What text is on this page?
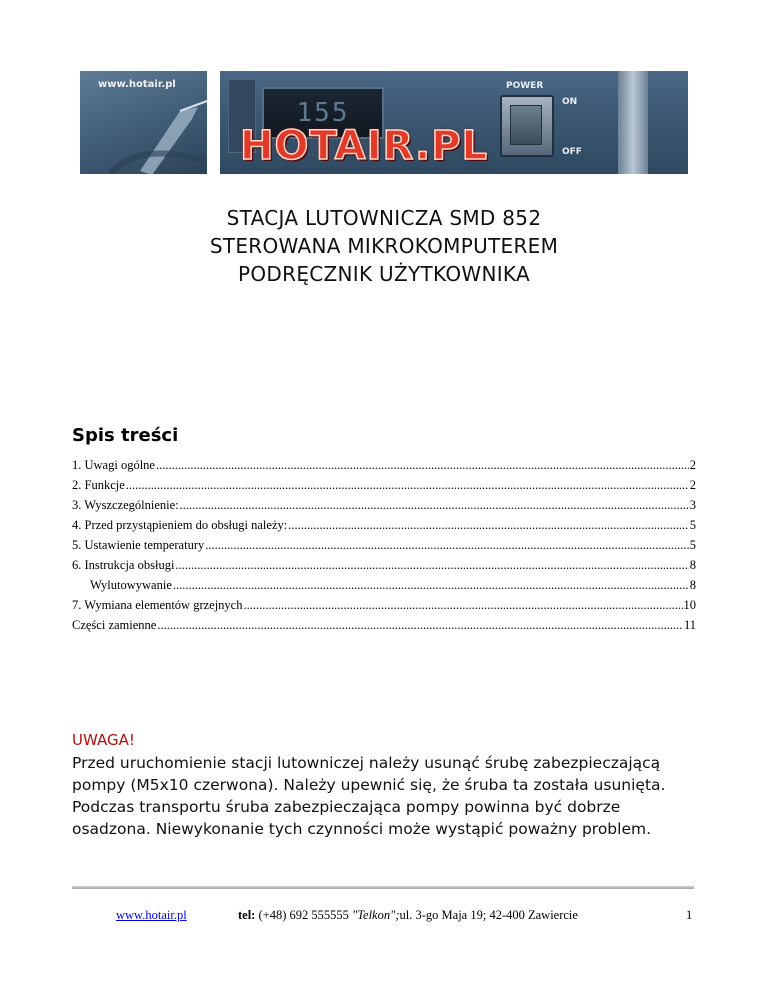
www.hotair.pl
155
HOTAIR.PL
POWER
ON
OFF
STACJA LUTOWNICZA SMD 852
STEROWANA MIKROKOMPUTEREM
PODRĘCZNIK UŻYTKOWNIKA
Spis treści
1. Uwagi ogólne .....	2
2. Funkcje .....	2
3. Wyszczególnienie: .....	3
4. Przed przystąpieniem do obsługi należy: .....	5
5. Ustawienie temperatury .....	5
6. Instrukcja obsługi .....	8
Wylutowywanie .....	8
7. Wymiana elementów grzejnych .....	10
Części zamienne .....	11
UWAGA!
Przed uruchomienie stacji lutowniczej należy usunąć śrubę zabezpieczającą pompy (M5x10 czerwona). Należy upewnić się, że śruba ta została usunięta. Podczas transportu śruba zabezpieczająca pompy powinna być dobrze osadzona. Niewykonanie tych czynności może wystąpić poważny problem.
www.hotair.pl	tel: (+48) 692 555555 "Telkon";ul. 3-go Maja 19; 42-400 Zawiercie	1
